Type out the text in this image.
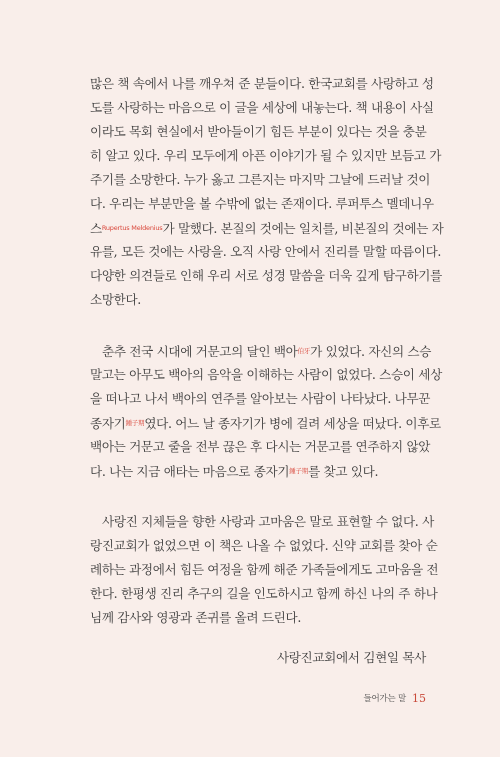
많은 책 속에서 나를 깨우쳐 준 분들이다. 한국교회를 사랑하고 성
도를 사랑하는 마음으로 이 글을 세상에 내놓는다. 책 내용이 사실
이라도 목회 현실에서 받아들이기 힘든 부분이 있다는 것을 충분
히 알고 있다. 우리 모두에게 아픈 이야기가 될 수 있지만 보듬고 가
주기를 소망한다. 누가 옳고 그른지는 마지막 그날에 드러날 것이
다. 우리는 부분만을 볼 수밖에 없는 존재이다. 루퍼투스 멜데니우
스$^{Rupertus Meldenius}$가 말했다. 본질의 것에는 일치를, 비본질의 것에는 자
유를, 모든 것에는 사랑을. 오직 사랑 안에서 진리를 말할 따름이다.
다양한 의견들로 인해 우리 서로 성경 말씀을 더욱 깊게 탐구하기를
소망한다.
춘추 전국 시대에 거문고의 달인 백아$^{伯牙}$가 있었다. 자신의 스승
말고는 아무도 백아의 음악을 이해하는 사람이 없었다. 스승이 세상
을 떠나고 나서 백아의 연주를 알아보는 사람이 나타났다. 나무꾼
종자기$^{鍾子期}$였다. 어느 날 종자기가 병에 걸려 세상을 떠났다. 이후로
백아는 거문고 줄을 전부 끊은 후 다시는 거문고를 연주하지 않았
다. 나는 지금 애타는 마음으로 종자기$^{鍾子期}$를 찾고 있다.
사랑진 지체들을 향한 사랑과 고마움은 말로 표현할 수 없다. 사
랑진교회가 없었으면 이 책은 나올 수 없었다. 신약 교회를 찾아 순
례하는 과정에서 힘든 여정을 함께 해준 가족들에게도 고마움을 전
한다. 한평생 진리 추구의 길을 인도하시고 함께 하신 나의 주 하나
님께 감사와 영광과 존귀를 올려 드린다.

사랑진교회에서 김현일 목사

들어가는 말 15
